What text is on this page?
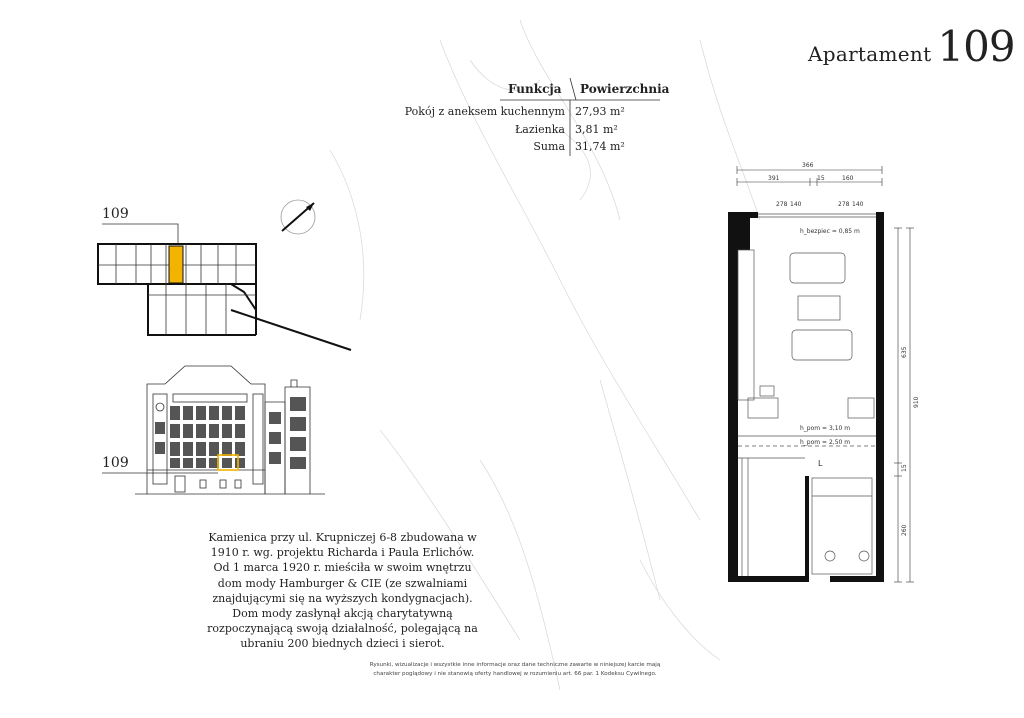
Apartament 109
Funkcja Powierzchnia
Pokój z aneksem kuchennym 27,93 m²
Łazienka 3,81 m²
Suma 31,74 m²
109
109
Kamienica przy ul. Krupniczej 6-8 zbudowana w 1910 r. wg. projektu Richarda i Paula Erlichów. Od 1 marca 1920 r. mieściła w swoim wnętrzu dom mody Hamburger & CIE (ze szwalniami znajdującymi się na wyższych kondygnacjach). Dom mody zasłynął akcją charytatywną rozpoczynającą swoją działalność, polegającą na ubraniu 200 biednych dzieci i sierot.
366
391	15	160
278 140	278 140
h_bezpiec = 0,85 m
h_pom = 3,10 m
h_pom = 2,50 m
L
910
635
15
260
Rysunki, wizualizacje i wszystkie inne informacje oraz dane techniczne zawarte w niniejszej karcie mają charakter poglądowy i nie stanowią oferty handlowej w rozumieniu art. 66 par. 1 Kodeksu Cywilnego.
